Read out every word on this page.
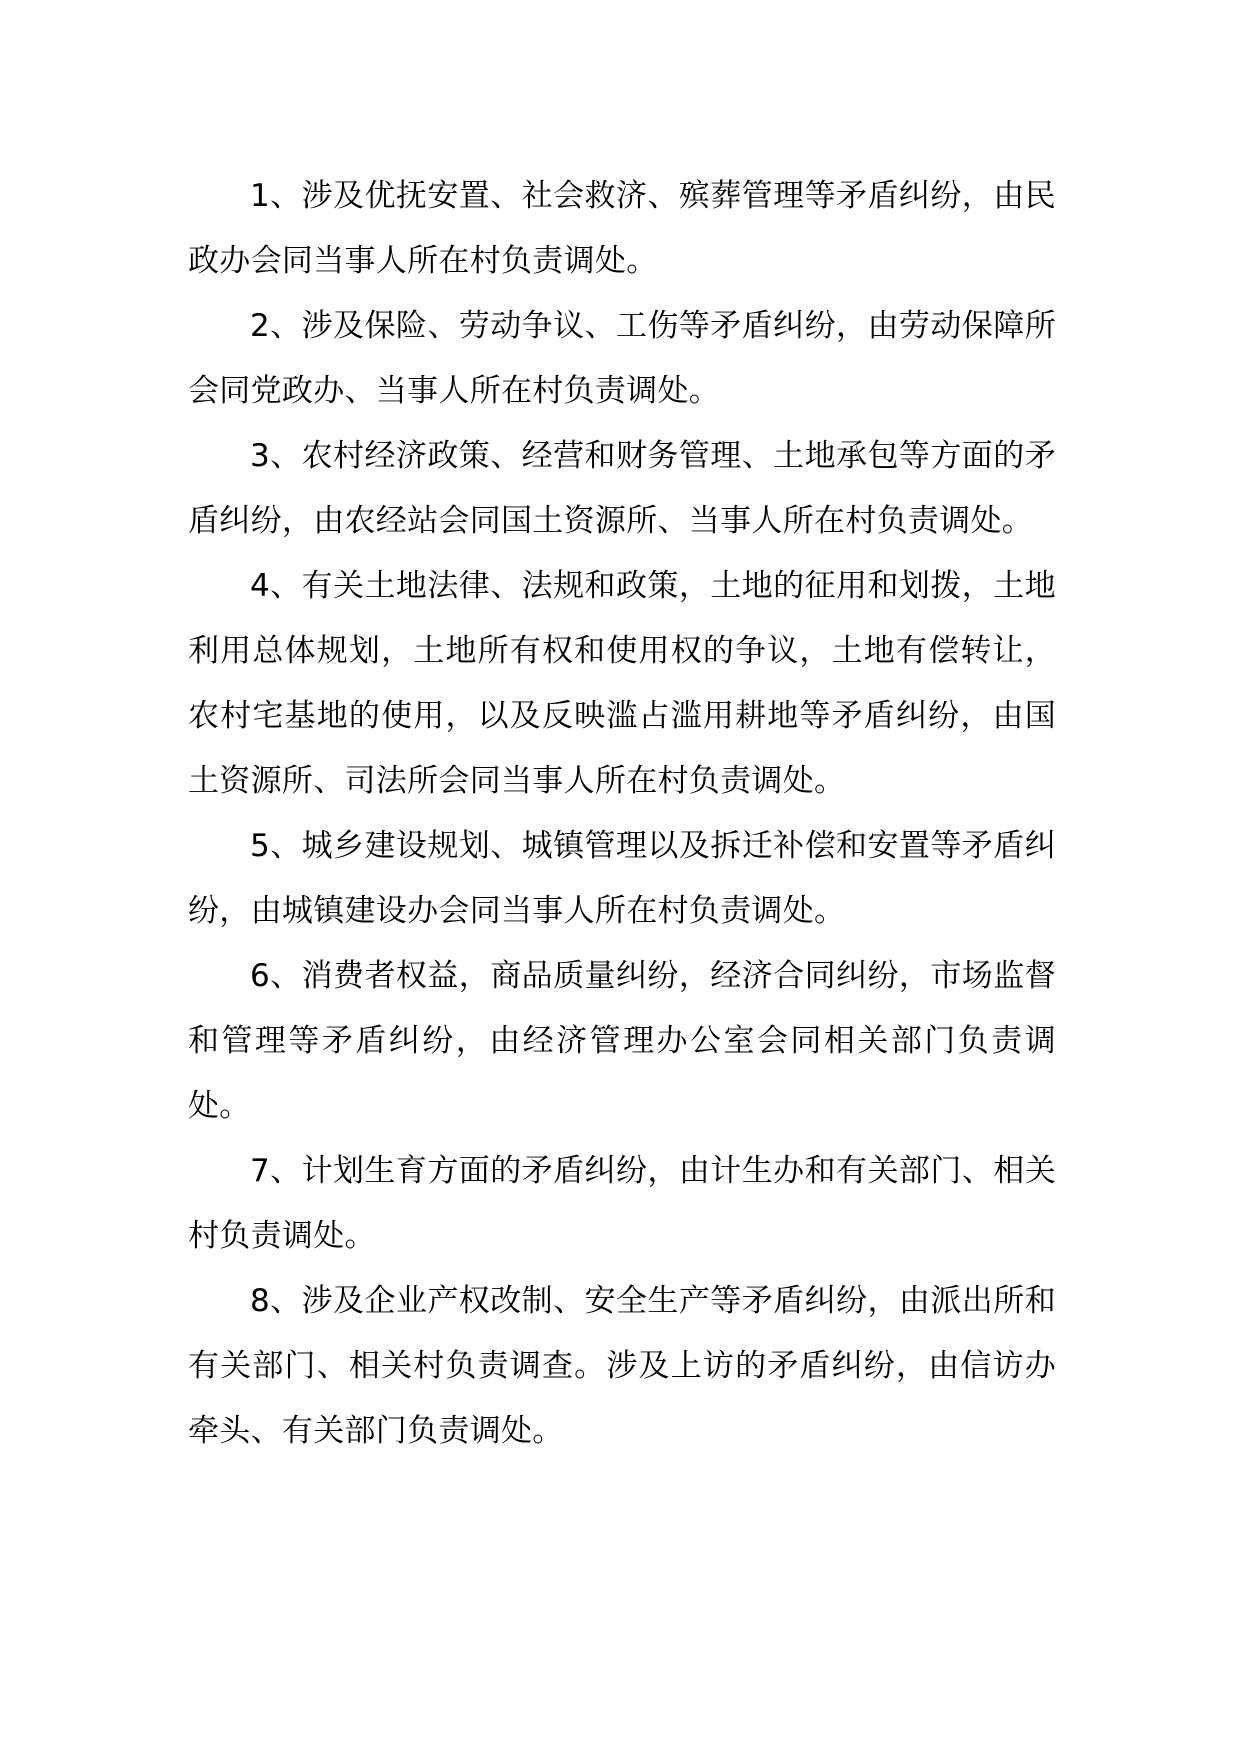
1、涉及优抚安置、社会救济、殡葬管理等矛盾纠纷，由民政办会同当事人所在村负责调处。

2、涉及保险、劳动争议、工伤等矛盾纠纷，由劳动保障所会同党政办、当事人所在村负责调处。

3、农村经济政策、经营和财务管理、土地承包等方面的矛盾纠纷，由农经站会同国土资源所、当事人所在村负责调处。

4、有关土地法律、法规和政策，土地的征用和划拨，土地利用总体规划，土地所有权和使用权的争议，土地有偿转让，农村宅基地的使用，以及反映滥占滥用耕地等矛盾纠纷，由国土资源所、司法所会同当事人所在村负责调处。

5、城乡建设规划、城镇管理以及拆迁补偿和安置等矛盾纠纷，由城镇建设办会同当事人所在村负责调处。

6、消费者权益，商品质量纠纷，经济合同纠纷，市场监督和管理等矛盾纠纷，由经济管理办公室会同相关部门负责调处。

7、计划生育方面的矛盾纠纷，由计生办和有关部门、相关村负责调处。

8、涉及企业产权改制、安全生产等矛盾纠纷，由派出所和有关部门、相关村负责调查。涉及上访的矛盾纠纷，由信访办牵头、有关部门负责调处。
